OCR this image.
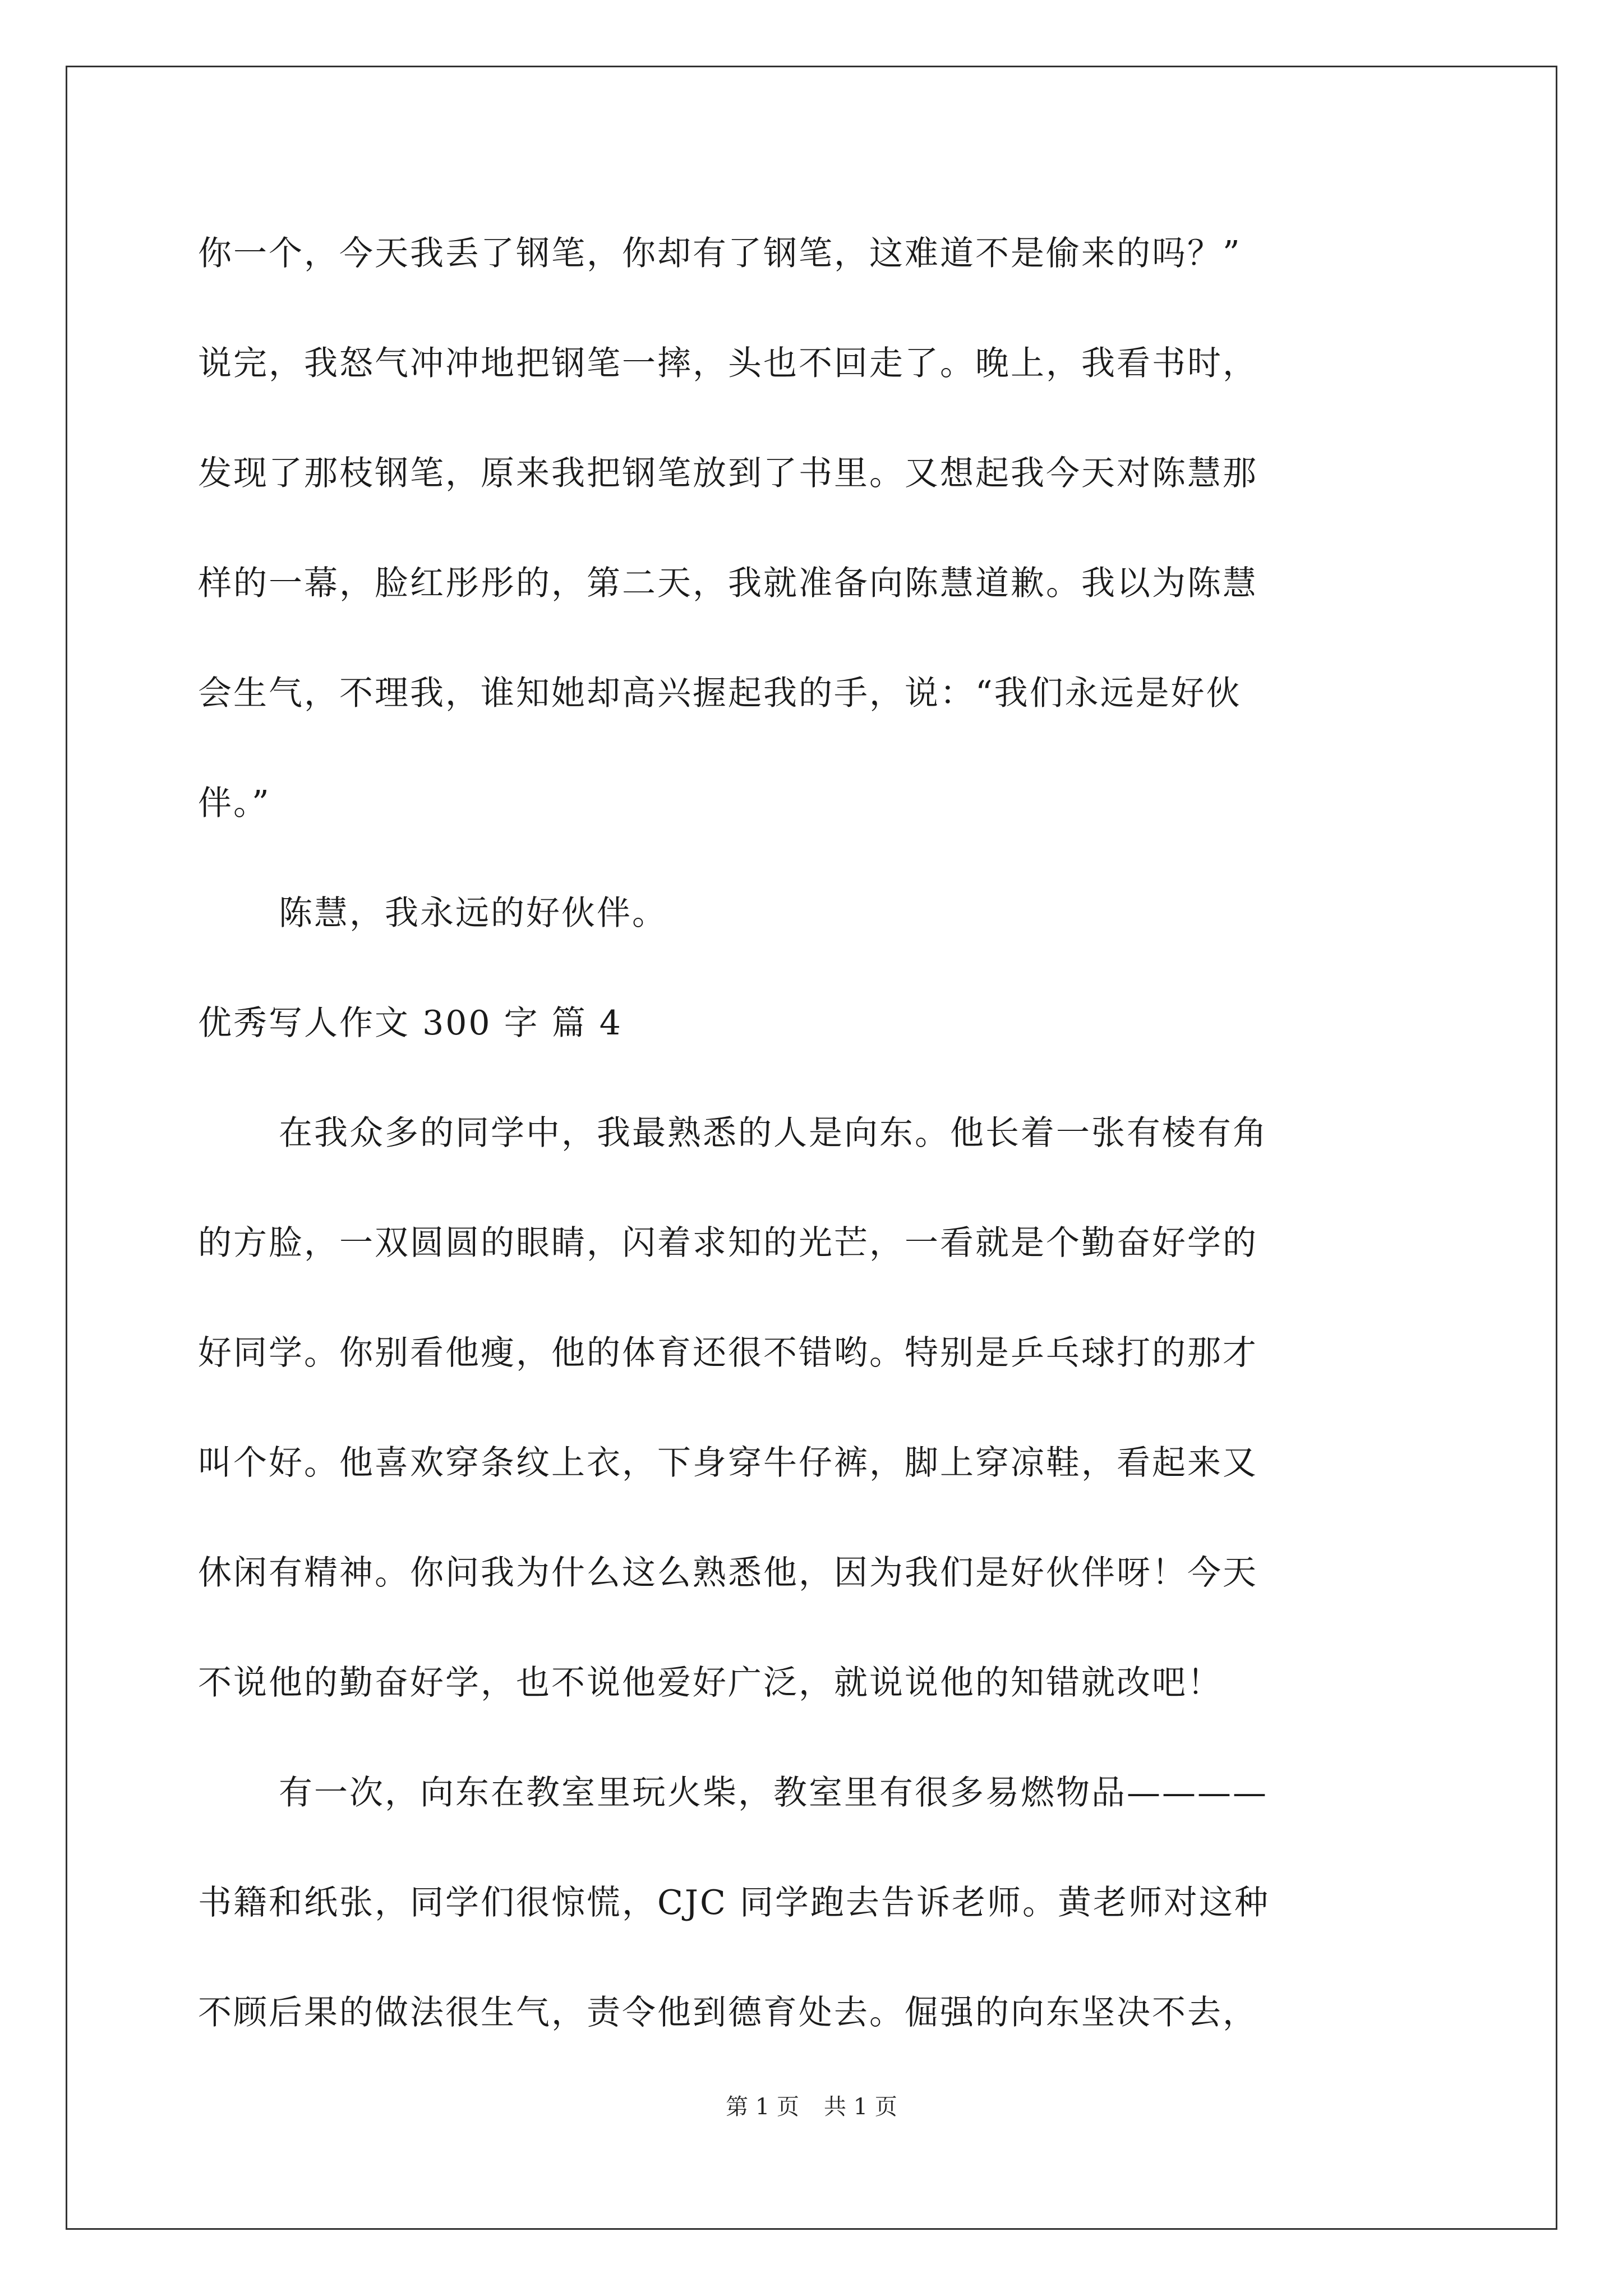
你一个，今天我丢了钢笔，你却有了钢笔，这难道不是偷来的吗？”
说完，我怒气冲冲地把钢笔一摔，头也不回走了。晚上，我看书时，
发现了那枝钢笔，原来我把钢笔放到了书里。又想起我今天对陈慧那
样的一幕，脸红彤彤的，第二天，我就准备向陈慧道歉。我以为陈慧
会生气，不理我，谁知她却高兴握起我的手，说：“我们永远是好伙
伴。”
陈慧，我永远的好伙伴。
优秀写人作文 300 字 篇 4
在我众多的同学中，我最熟悉的人是向东。他长着一张有棱有角
的方脸，一双圆圆的眼睛，闪着求知的光芒，一看就是个勤奋好学的
好同学。你别看他瘦，他的体育还很不错哟。特别是乒乓球打的那才
叫个好。他喜欢穿条纹上衣，下身穿牛仔裤，脚上穿凉鞋，看起来又
休闲有精神。你问我为什么这么熟悉他，因为我们是好伙伴呀！今天
不说他的勤奋好学，也不说他爱好广泛，就说说他的知错就改吧！
有一次，向东在教室里玩火柴，教室里有很多易燃物品————
书籍和纸张，同学们很惊慌，CJC 同学跑去告诉老师。黄老师对这种
不顾后果的做法很生气，责令他到德育处去。倔强的向东坚决不去，
第 1 页 共 1 页
